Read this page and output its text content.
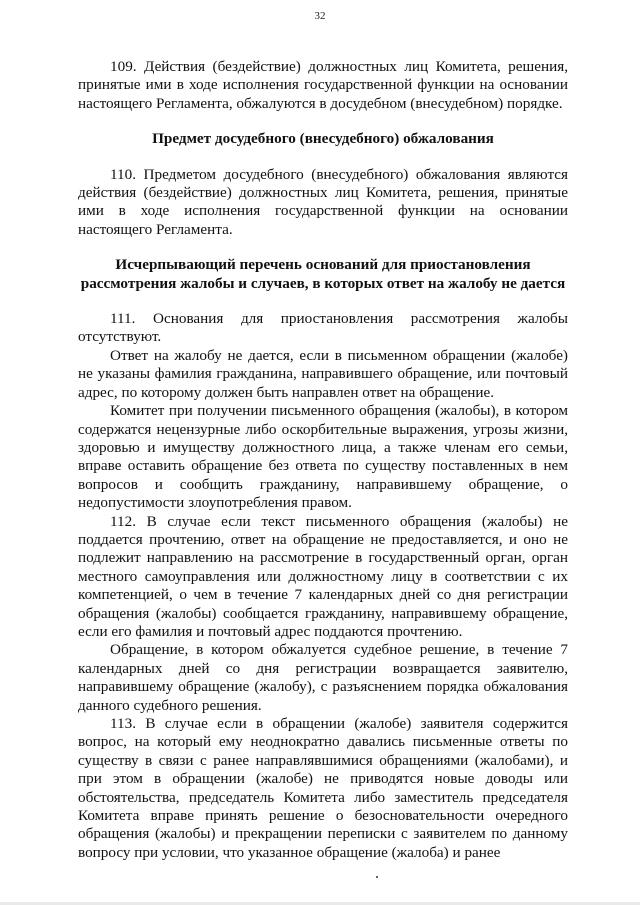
32

109. Действия (бездействие) должностных лиц Комитета, решения, принятые ими в ходе исполнения государственной функции на основании настоящего Регламента, обжалуются в досудебном (внесудебном) порядке.

Предмет досудебного (внесудебного) обжалования

110. Предметом досудебного (внесудебного) обжалования являются действия (бездействие) должностных лиц Комитета, решения, принятые ими в ходе исполнения государственной функции на основании настоящего Регламента.

Исчерпывающий перечень оснований для приостановления рассмотрения жалобы и случаев, в которых ответ на жалобу не дается

111. Основания для приостановления рассмотрения жалобы отсутствуют.

Ответ на жалобу не дается, если в письменном обращении (жалобе) не указаны фамилия гражданина, направившего обращение, или почтовый адрес, по которому должен быть направлен ответ на обращение.

Комитет при получении письменного обращения (жалобы), в котором содержатся нецензурные либо оскорбительные выражения, угрозы жизни, здоровью и имуществу должностного лица, а также членам его семьи, вправе оставить обращение без ответа по существу поставленных в нем вопросов и сообщить гражданину, направившему обращение, о недопустимости злоупотребления правом.

112. В случае если текст письменного обращения (жалобы) не поддается прочтению, ответ на обращение не предоставляется, и оно не подлежит направлению на рассмотрение в государственный орган, орган местного самоуправления или должностному лицу в соответствии с их компетенцией, о чем в течение 7 календарных дней со дня регистрации обращения (жалобы) сообщается гражданину, направившему обращение, если его фамилия и почтовый адрес поддаются прочтению.

Обращение, в котором обжалуется судебное решение, в течение 7 календарных дней со дня регистрации возвращается заявителю, направившему обращение (жалобу), с разъяснением порядка обжалования данного судебного решения.

113. В случае если в обращении (жалобе) заявителя содержится вопрос, на который ему неоднократно давались письменные ответы по существу в связи с ранее направлявшимися обращениями (жалобами), и при этом в обращении (жалобе) не приводятся новые доводы или обстоятельства, председатель Комитета либо заместитель председателя Комитета вправе принять решение о безосновательности очередного обращения (жалобы) и прекращении переписки с заявителем по данному вопросу при условии, что указанное обращение (жалоба) и ранее
